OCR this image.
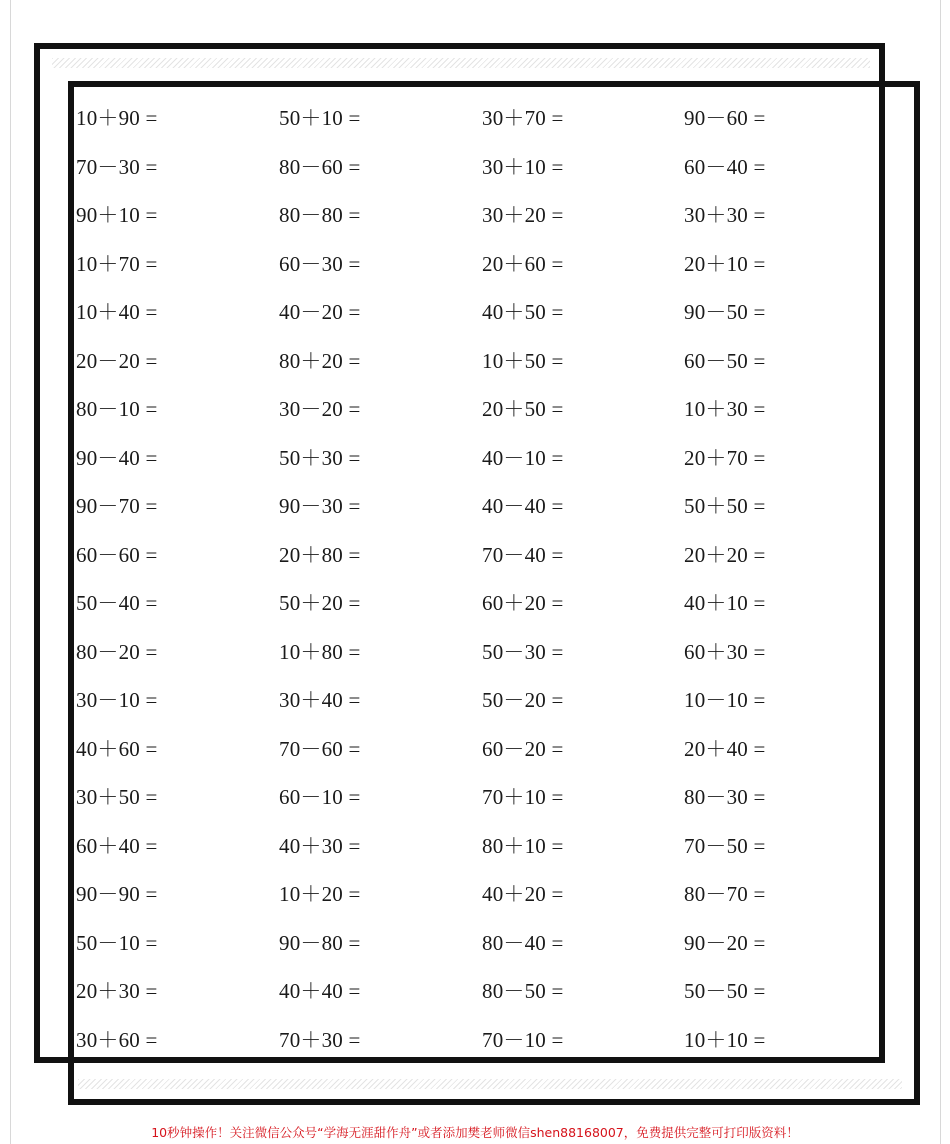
10＋90 =
70－30 =
90＋10 =
10＋70 =
10＋40 =
20－20 =
80－10 =
90－40 =
90－70 =
60－60 =
50－40 =
80－20 =
30－10 =
40＋60 =
30＋50 =
60＋40 =
90－90 =
50－10 =
20＋30 =
30＋60 =
50＋10 =
80－60 =
80－80 =
60－30 =
40－20 =
80＋20 =
30－20 =
50＋30 =
90－30 =
20＋80 =
50＋20 =
10＋80 =
30＋40 =
70－60 =
60－10 =
40＋30 =
10＋20 =
90－80 =
40＋40 =
70＋30 =
30＋70 =
30＋10 =
30＋20 =
20＋60 =
40＋50 =
10＋50 =
20＋50 =
40－10 =
40－40 =
70－40 =
60＋20 =
50－30 =
50－20 =
60－20 =
70＋10 =
80＋10 =
40＋20 =
80－40 =
80－50 =
70－10 =
90－60 =
60－40 =
30＋30 =
20＋10 =
90－50 =
60－50 =
10＋30 =
20＋70 =
50＋50 =
20＋20 =
40＋10 =
60＋30 =
10－10 =
20＋40 =
80－30 =
70－50 =
80－70 =
90－20 =
50－50 =
10＋10 =
10秒钟操作！关注微信公众号“学海无涯甜作舟”或者添加樊老师微信shen88168007，免费提供完整可打印版资料！
